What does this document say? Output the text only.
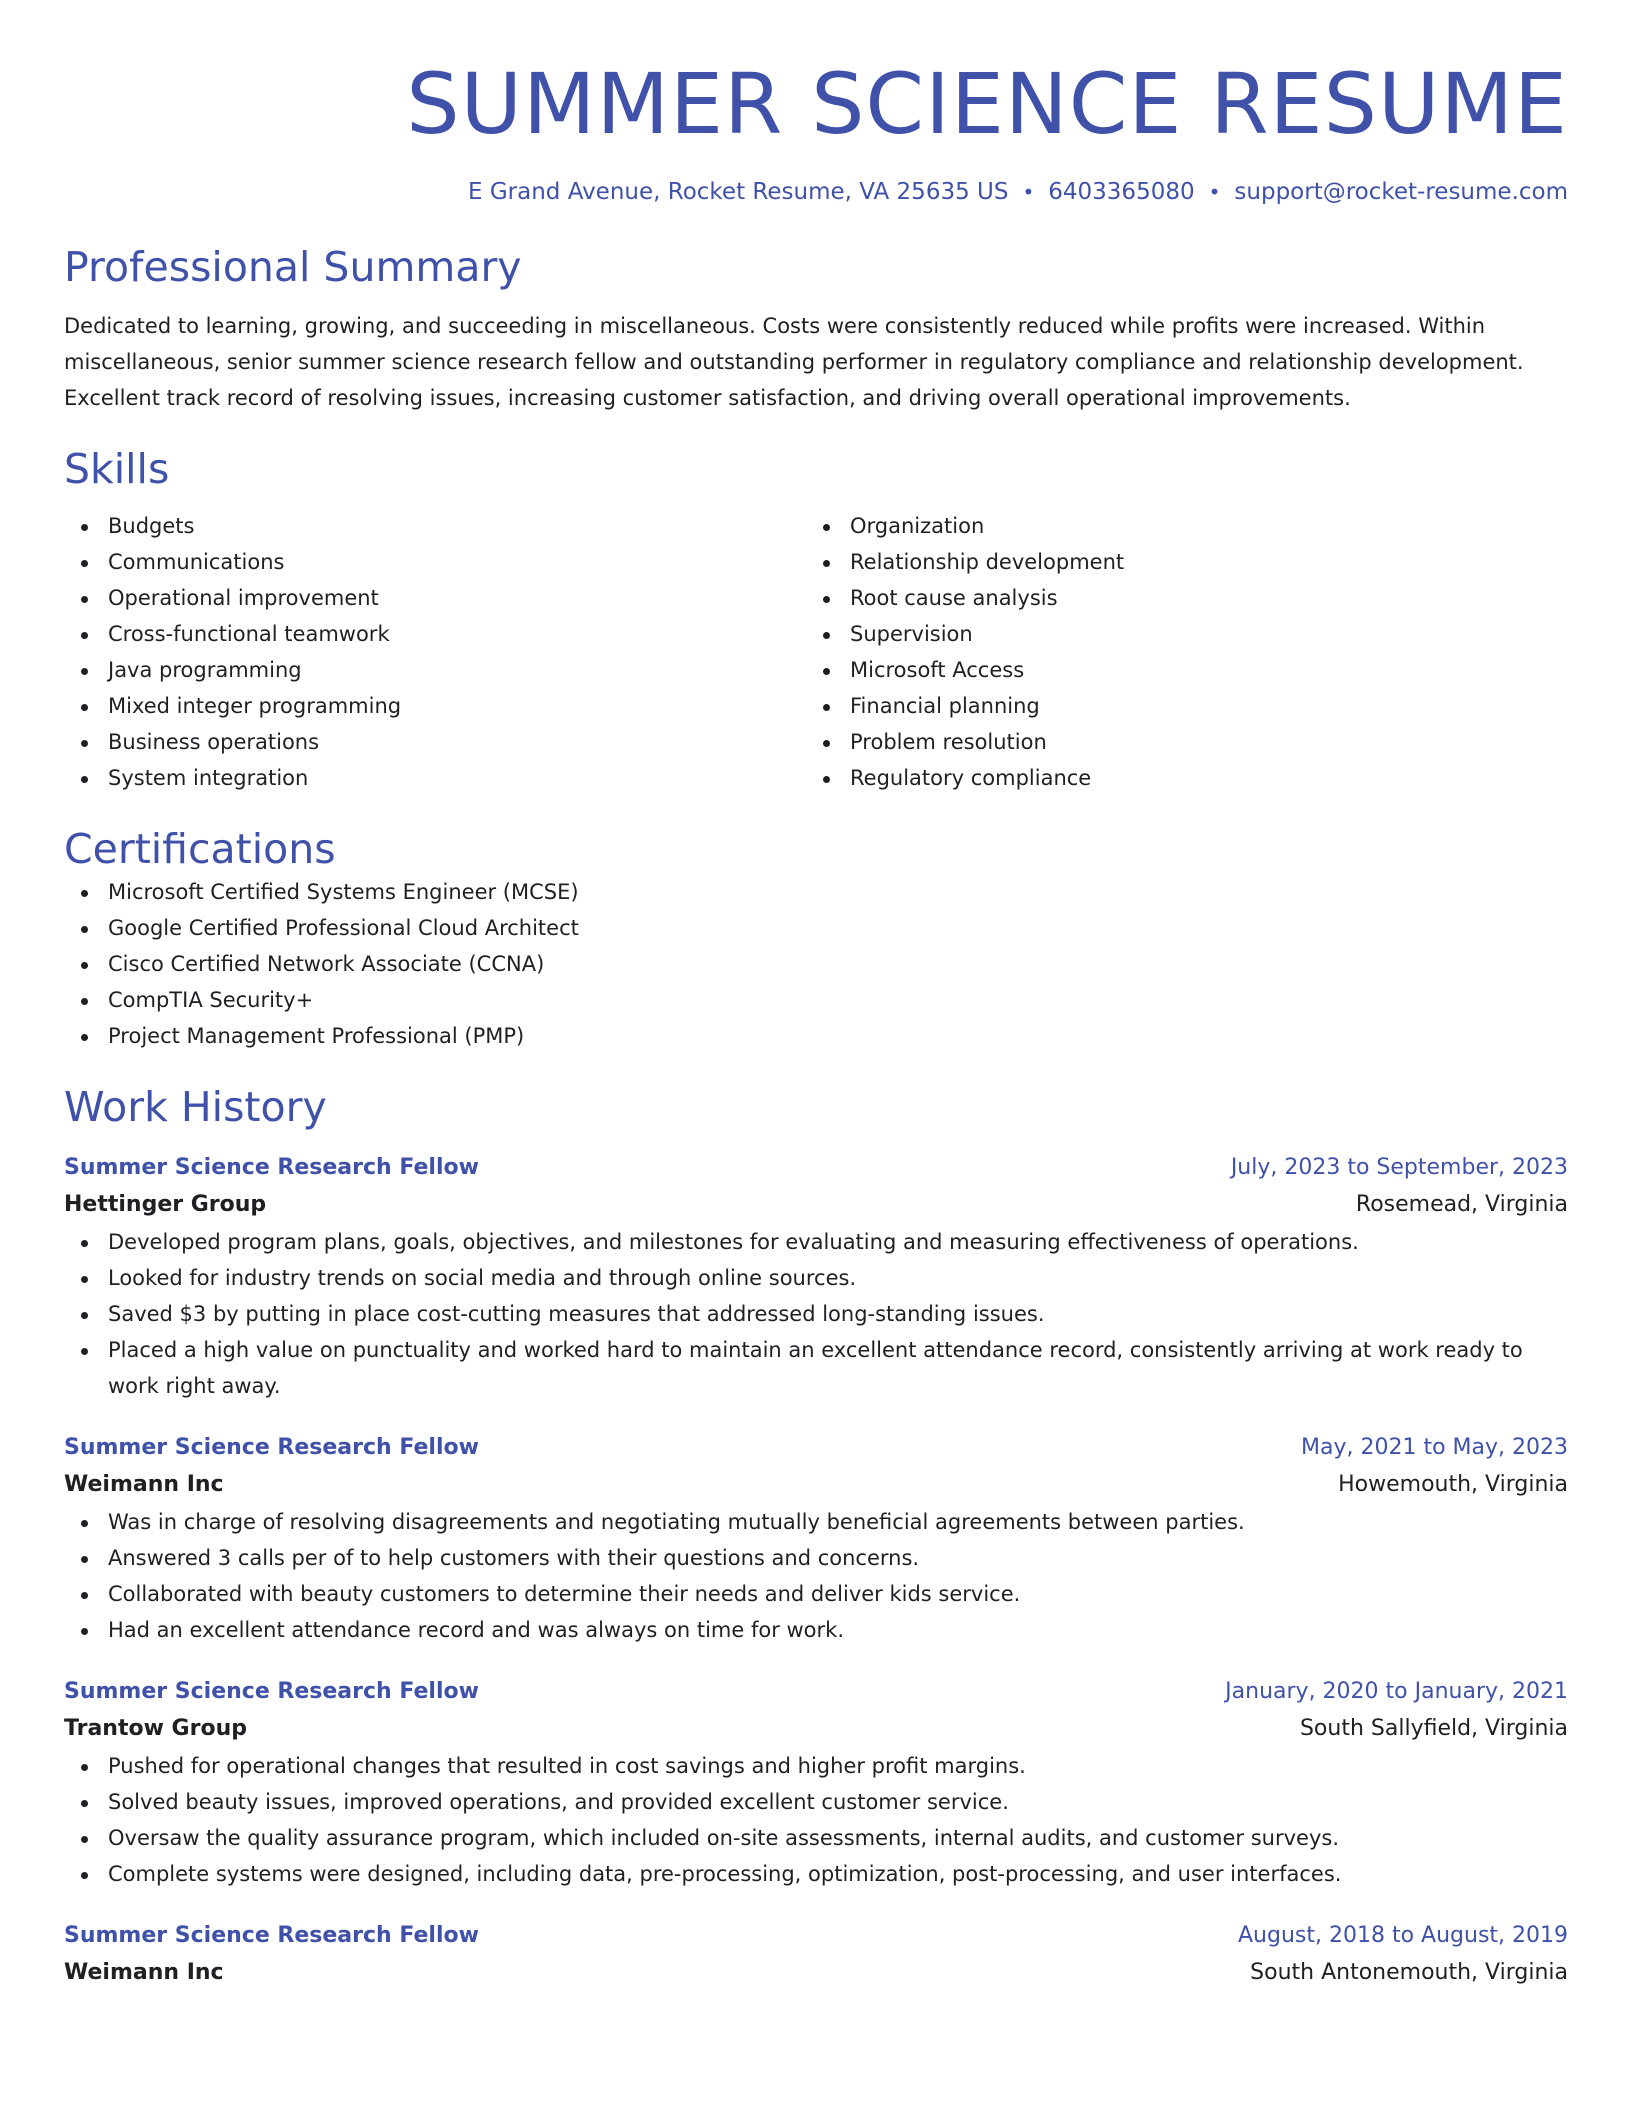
SUMMER SCIENCE RESUME
E Grand Avenue, Rocket Resume, VA 25635 US • 6403365080 • support@rocket-resume.com
Professional Summary

Dedicated to learning, growing, and succeeding in miscellaneous. Costs were consistently reduced while profits were increased. Within miscellaneous, senior summer science research fellow and outstanding performer in regulatory compliance and relationship development. Excellent track record of resolving issues, increasing customer satisfaction, and driving overall operational improvements.

Skills
Budgets
Communications
Operational improvement
Cross-functional teamwork
Java programming
Mixed integer programming
Business operations
System integration
Organization
Relationship development
Root cause analysis
Supervision
Microsoft Access
Financial planning
Problem resolution
Regulatory compliance
Certifications
Microsoft Certified Systems Engineer (MCSE)
Google Certified Professional Cloud Architect
Cisco Certified Network Associate (CCNA)
CompTIA Security+
Project Management Professional (PMP)
Work History
Summer Science Research Fellow	July, 2023 to September, 2023
Hettinger Group	Rosemead, Virginia
Developed program plans, goals, objectives, and milestones for evaluating and measuring effectiveness of operations.
Looked for industry trends on social media and through online sources.
Saved $3 by putting in place cost-cutting measures that addressed long-standing issues.
Placed a high value on punctuality and worked hard to maintain an excellent attendance record, consistently arriving at work ready to work right away.
Summer Science Research Fellow	May, 2021 to May, 2023
Weimann Inc	Howemouth, Virginia
Was in charge of resolving disagreements and negotiating mutually beneficial agreements between parties.
Answered 3 calls per of to help customers with their questions and concerns.
Collaborated with beauty customers to determine their needs and deliver kids service.
Had an excellent attendance record and was always on time for work.
Summer Science Research Fellow	January, 2020 to January, 2021
Trantow Group	South Sallyfield, Virginia
Pushed for operational changes that resulted in cost savings and higher profit margins.
Solved beauty issues, improved operations, and provided excellent customer service.
Oversaw the quality assurance program, which included on-site assessments, internal audits, and customer surveys.
Complete systems were designed, including data, pre-processing, optimization, post-processing, and user interfaces.
Summer Science Research Fellow	August, 2018 to August, 2019
Weimann Inc	South Antonemouth, Virginia
